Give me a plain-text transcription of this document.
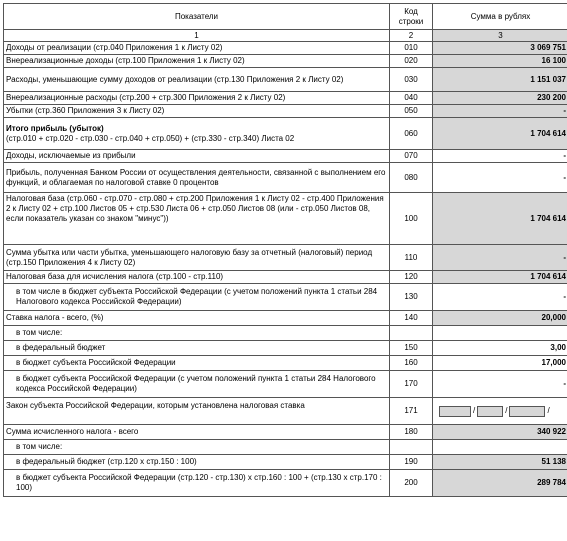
Показатели	Код строки	Сумма в рублях
1	2	3
Доходы от реализации (стр.040 Приложения 1 к Листу 02)	010	3 069 751
Внереализационные доходы (стр.100 Приложения 1 к Листу 02)	020	16 100
Расходы, уменьшающие сумму доходов от реализации (стр.130 Приложения 2 к Листу 02)	030	1 151 037
Внереализационные расходы (стр.200 + стр.300 Приложения 2 к Листу 02)	040	230 200
Убытки (стр.360 Приложения 3 к Листу 02)	050	-

Итого прибыль (убыток)
(стр.010 + стр.020 - стр.030 - стр.040 + стр.050) + (стр.330 - стр.340) Листа 02	060	1 704 614
Доходы, исключаемые из прибыли	070	-

Прибыль, полученная Банком России от осуществления деятельности, связанной с выполнением его функций, и облагаемая по налоговой ставке 0 процентов	080	-

Налоговая база (стр.060 - стр.070 - стр.080 + стр.200 Приложения 1 к Листу 02 - стр.400 Приложения 2 к Листу 02 + стр.100 Листов 05 + стр.530 Листа 06 + стр.050 Листов 08 (или - стр.050 Листов 08, если показатель указан со знаком "минус"))	100	1 704 614

Сумма убытка или части убытка, уменьшающего налоговую базу за отчетный (налоговый) период (стр.150 Приложения 4 к Листу 02)	110	-
Налоговая база для исчисления налога (стр.100 - стр.110)	120	1 704 614

в том числе в бюджет субъекта Российской Федерации (с учетом положений пункта 1 статьи 284 Налогового кодекса Российской Федерации)	130	-
Ставка налога - всего, (%)	140	20,000
в том числе:		
в федеральный бюджет	150	3,00
в бюджет субъекта Российской Федерации	160	17,000

в бюджет субъекта Российской Федерации (с учетом положений пункта 1 статьи 284 Налогового кодекса Российской Федерации)	170	-

Закон субъекта Российской Федерации, которым установлена налоговая ставка	171	/ / /
Сумма исчисленного налога - всего	180	340 922
в том числе:		
в федеральный бюджет (стр.120 х стр.150 : 100)	190	51 138

в бюджет субъекта Российской Федерации (стр.120 - стр.130) х стр.160 : 100 + (стр.130 х стр.170 : 100)	200	289 784
